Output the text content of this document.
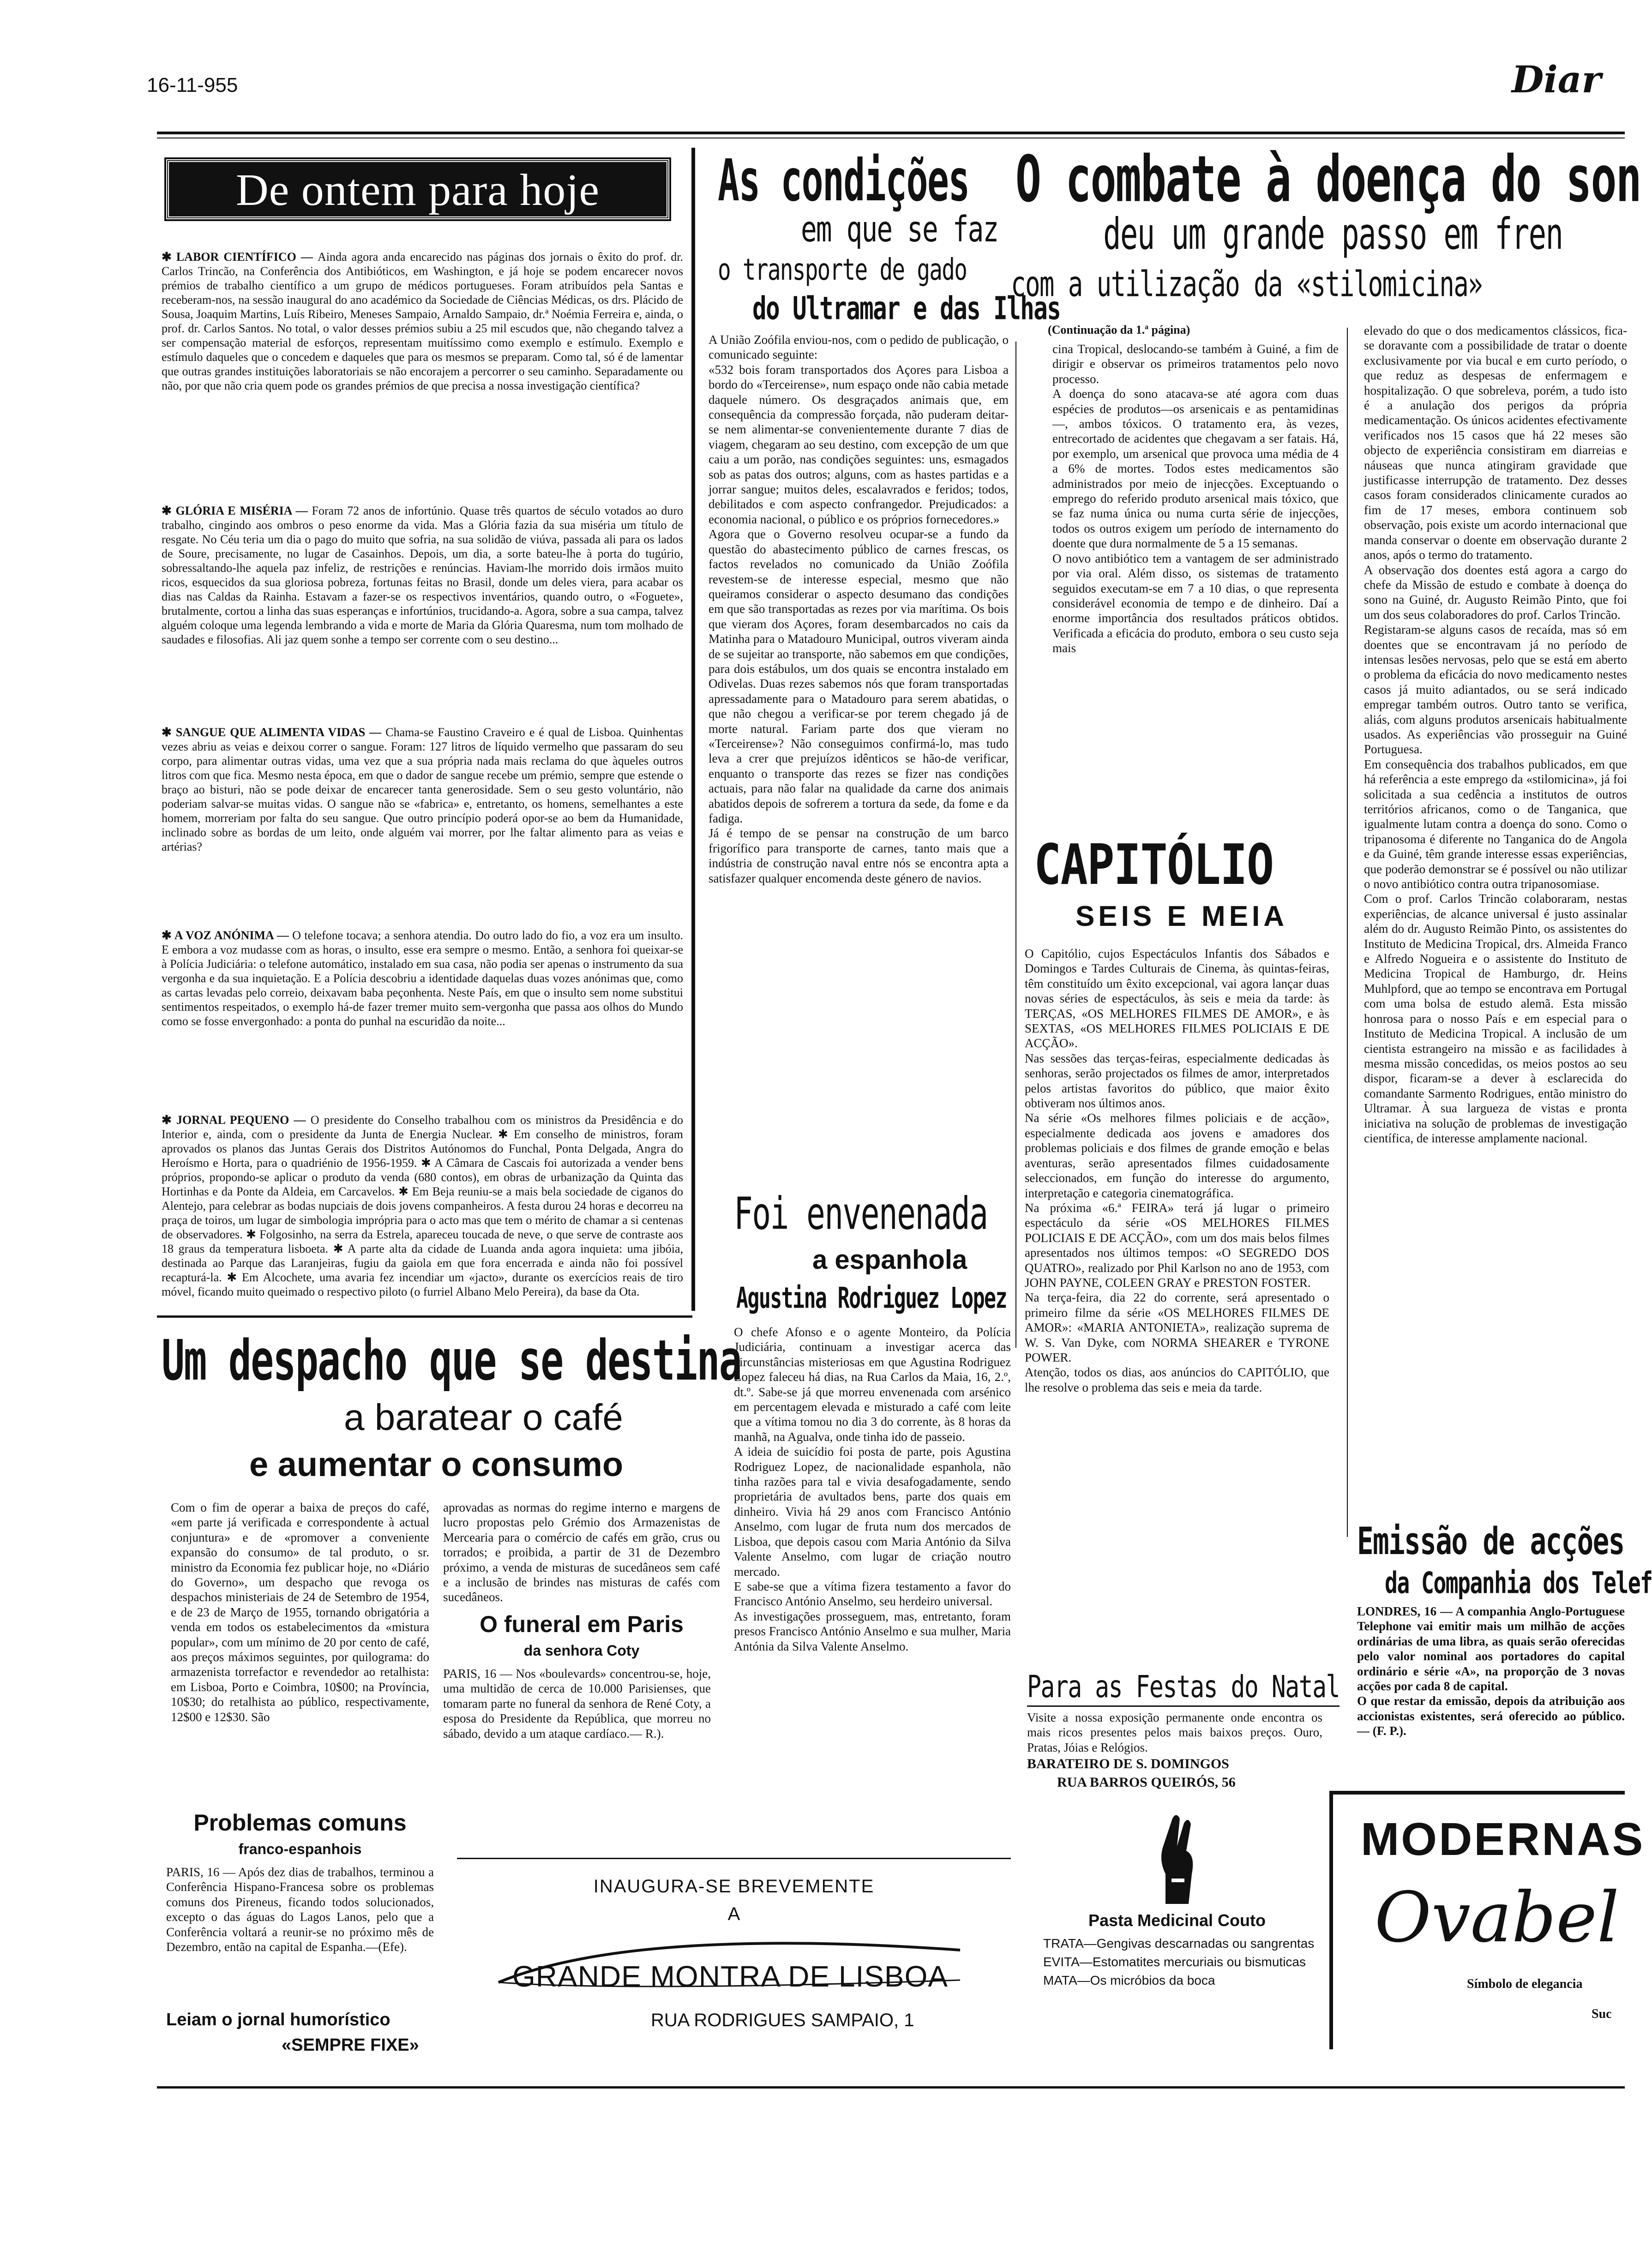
16-11-955	Diar
De ontem para hoje

✱ LABOR CIENTÍFICO — Ainda agora anda encarecido nas páginas dos jornais o êxito do prof. dr. Carlos Trincão, na Conferência dos Antibióticos, em Washington, e já hoje se podem encarecer novos prémios de trabalho científico a um grupo de médicos portugueses. Foram atribuídos pela Santas e receberam-nos, na sessão inaugural do ano académico da Sociedade de Ciências Médicas, os drs. Plácido de Sousa, Joaquim Martins, Luís Ribeiro, Meneses Sampaio, Arnaldo Sampaio, dr.ª Noémia Ferreira e, ainda, o prof. dr. Carlos Santos. No total, o valor desses prémios subiu a 25 mil escudos que, não chegando talvez a ser compensação material de esforços, representam muitíssimo como exemplo e estímulo. Exemplo e estímulo daqueles que o concedem e daqueles que para os mesmos se preparam. Como tal, só é de lamentar que outras grandes instituições laboratoriais se não encorajem a percorrer o seu caminho. Separadamente ou não, por que não cria quem pode os grandes prémios de que precisa a nossa investigação científica?

✱ GLÓRIA E MISÉRIA — Foram 72 anos de infortúnio. Quase três quartos de século votados ao duro trabalho, cingindo aos ombros o peso enorme da vida. Mas a Glória fazia da sua miséria um título de resgate. No Céu teria um dia o pago do muito que sofria, na sua solidão de viúva, passada ali para os lados de Soure, precisamente, no lugar de Casainhos. Depois, um dia, a sorte bateu-lhe à porta do tugúrio, sobressaltando-lhe aquela paz infeliz, de restrições e renúncias. Haviam-lhe morrido dois irmãos muito ricos, esquecidos da sua gloriosa pobreza, fortunas feitas no Brasil, donde um deles viera, para acabar os dias nas Caldas da Rainha. Estavam a fazer-se os respectivos inventários, quando outro, o «Foguete», brutalmente, cortou a linha das suas esperanças e infortúnios, trucidando-a. Agora, sobre a sua campa, talvez alguém coloque uma legenda lembrando a vida e morte de Maria da Glória Quaresma, num tom molhado de saudades e filosofias. Ali jaz quem sonhe a tempo ser corrente com o seu destino...

✱ SANGUE QUE ALIMENTA VIDAS — Chama-se Faustino Craveiro e é qual de Lisboa. Quinhentas vezes abriu as veias e deixou correr o sangue. Foram: 127 litros de líquido vermelho que passaram do seu corpo, para alimentar outras vidas, uma vez que a sua própria nada mais reclama do que àqueles outros litros com que fica. Mesmo nesta época, em que o dador de sangue recebe um prémio, sempre que estende o braço ao bisturi, não se pode deixar de encarecer tanta generosidade. Sem o seu gesto voluntário, não poderiam salvar-se muitas vidas. O sangue não se «fabrica» e, entretanto, os homens, semelhantes a este homem, morreriam por falta do seu sangue. Que outro princípio poderá opor-se ao bem da Humanidade, inclinado sobre as bordas de um leito, onde alguém vai morrer, por lhe faltar alimento para as veias e artérias?

✱ A VOZ ANÓNIMA — O telefone tocava; a senhora atendia. Do outro lado do fio, a voz era um insulto. E embora a voz mudasse com as horas, o insulto, esse era sempre o mesmo. Então, a senhora foi queixar-se à Polícia Judiciária: o telefone automático, instalado em sua casa, não podia ser apenas o instrumento da sua vergonha e da sua inquietação. E a Polícia descobriu a identidade daquelas duas vozes anónimas que, como as cartas levadas pelo correio, deixavam baba peçonhenta. Neste País, em que o insulto sem nome substitui sentimentos respeitados, o exemplo há-de fazer tremer muito sem-vergonha que passa aos olhos do Mundo como se fosse envergonhado: a ponta do punhal na escuridão da noite...

✱ JORNAL PEQUENO — O presidente do Conselho trabalhou com os ministros da Presidência e do Interior e, ainda, com o presidente da Junta de Energia Nuclear. ✱ Em conselho de ministros, foram aprovados os planos das Juntas Gerais dos Distritos Autónomos do Funchal, Ponta Delgada, Angra do Heroísmo e Horta, para o quadriénio de 1956-1959. ✱ A Câmara de Cascais foi autorizada a vender bens próprios, propondo-se aplicar o produto da venda (680 contos), em obras de urbanização da Quinta das Hortinhas e da Ponte da Aldeia, em Carcavelos. ✱ Em Beja reuniu-se a mais bela sociedade de ciganos do Alentejo, para celebrar as bodas nupciais de dois jovens companheiros. A festa durou 24 horas e decorreu na praça de toiros, um lugar de simbologia imprópria para o acto mas que tem o mérito de chamar a si centenas de observadores. ✱ Folgosinho, na serra da Estrela, apareceu toucada de neve, o que serve de contraste aos 18 graus da temperatura lisboeta. ✱ A parte alta da cidade de Luanda anda agora inquieta: uma jibóia, destinada ao Parque das Laranjeiras, fugiu da gaiola em que fora encerrada e ainda não foi possível recapturá-la. ✱ Em Alcochete, uma avaria fez incendiar um «jacto», durante os exercícios reais de tiro móvel, ficando muito queimado o respectivo piloto (o furriel Albano Melo Pereira), da base da Ota.

As condições
em que se faz
o transporte de gado
do Ultramar e das Ilhas
A União Zoófila enviou-nos, com o pedido de publicação, o comunicado seguinte:
«532 bois foram transportados dos Açores para Lisboa a bordo do «Terceirense», num espaço onde não cabia metade daquele número. Os desgraçados animais que, em consequência da compressão forçada, não puderam deitar-se nem alimentar-se convenientemente durante 7 dias de viagem, chegaram ao seu destino, com excepção de um que caiu a um porão, nas condições seguintes: uns, esmagados sob as patas dos outros; alguns, com as hastes partidas e a jorrar sangue; muitos deles, escalavrados e feridos; todos, debilitados e com aspecto confrangedor. Prejudicados: a economia nacional, o público e os próprios fornecedores.»
Agora que o Governo resolveu ocupar-se a fundo da questão do abastecimento público de carnes frescas, os factos revelados no comunicado da União Zoófila revestem-se de interesse especial, mesmo que não queiramos considerar o aspecto desumano das condições em que são transportadas as rezes por via marítima. Os bois que vieram dos Açores, foram desembarcados no cais da Matinha para o Matadouro Municipal, outros viveram ainda de se sujeitar ao transporte, não sabemos em que condições, para dois estábulos, um dos quais se encontra instalado em Odivelas. Duas rezes sabemos nós que foram transportadas apressadamente para o Matadouro para serem abatidas, o que não chegou a verificar-se por terem chegado já de morte natural. Fariam parte dos que vieram no «Terceirense»? Não conseguimos confirmá-lo, mas tudo leva a crer que prejuízos idênticos se hão-de verificar, enquanto o transporte das rezes se fizer nas condições actuais, para não falar na qualidade da carne dos animais abatidos depois de sofrerem a tortura da sede, da fome e da fadiga.
Já é tempo de se pensar na construção de um barco frigorífico para transporte de carnes, tanto mais que a indústria de construção naval entre nós se encontra apta a satisfazer qualquer encomenda deste género de navios.
Foi envenenada
a espanhola
Agustina Rodriguez Lopez
O chefe Afonso e o agente Monteiro, da Polícia Judiciária, continuam a investigar acerca das circunstâncias misteriosas em que Agustina Rodriguez Lopez faleceu há dias, na Rua Carlos da Maia, 16, 2.º, dt.º. Sabe-se já que morreu envenenada com arsénico em percentagem elevada e misturado a café com leite que a vítima tomou no dia 3 do corrente, às 8 horas da manhã, na Agualva, onde tinha ido de passeio.
A ideia de suicídio foi posta de parte, pois Agustina Rodriguez Lopez, de nacionalidade espanhola, não tinha razões para tal e vivia desafogadamente, sendo proprietária de avultados bens, parte dos quais em dinheiro. Vivia há 29 anos com Francisco António Anselmo, com lugar de fruta num dos mercados de Lisboa, que depois casou com Maria António da Silva Valente Anselmo, com lugar de criação noutro mercado.
E sabe-se que a vítima fizera testamento a favor do Francisco António Anselmo, seu herdeiro universal.
As investigações prosseguem, mas, entretanto, foram presos Francisco António Anselmo e sua mulher, Maria Antónia da Silva Valente Anselmo.
O combate à doença do son
deu um grande passo em fren
com a utilização da «stilomicina»
(Continuação da 1.ª página)
cina Tropical, deslocando-se também à Guiné, a fim de dirigir e observar os primeiros tratamentos pelo novo processo.
A doença do sono atacava-se até agora com duas espécies de produtos—os arsenicais e as pentamidinas—, ambos tóxicos. O tratamento era, às vezes, entrecortado de acidentes que chegavam a ser fatais. Há, por exemplo, um arsenical que provoca uma média de 4 a 6% de mortes. Todos estes medicamentos são administrados por meio de injecções. Exceptuando o emprego do referido produto arsenical mais tóxico, que se faz numa única ou numa curta série de injecções, todos os outros exigem um período de internamento do doente que dura normalmente de 5 a 15 semanas.
O novo antibiótico tem a vantagem de ser administrado por via oral. Além disso, os sistemas de tratamento seguidos executam-se em 7 a 10 dias, o que representa considerável economia de tempo e de dinheiro. Daí a enorme importância dos resultados práticos obtidos. Verificada a eficácia do produto, embora o seu custo seja mais
elevado do que o dos medicamentos clássicos, fica-se doravante com a possibilidade de tratar o doente exclusivamente por via bucal e em curto período, o que reduz as despesas de enfermagem e hospitalização. O que sobreleva, porém, a tudo isto é a anulação dos perigos da própria medicamentação. Os únicos acidentes efectivamente verificados nos 15 casos que há 22 meses são objecto de experiência consistiram em diarreias e náuseas que nunca atingiram gravidade que justificasse interrupção de tratamento. Dez desses casos foram considerados clinicamente curados ao fim de 17 meses, embora continuem sob observação, pois existe um acordo internacional que manda conservar o doente em observação durante 2 anos, após o termo do tratamento.
A observação dos doentes está agora a cargo do chefe da Missão de estudo e combate à doença do sono na Guiné, dr. Augusto Reimão Pinto, que foi um dos seus colaboradores do prof. Carlos Trincão.
Registaram-se alguns casos de recaída, mas só em doentes que se encontravam já no período de intensas lesões nervosas, pelo que se está em aberto o problema da eficácia do novo medicamento nestes casos já muito adiantados, ou se será indicado empregar também outros. Outro tanto se verifica, aliás, com alguns produtos arsenicais habitualmente usados. As experiências vão prosseguir na Guiné Portuguesa.
Em consequência dos trabalhos publicados, em que há referência a este emprego da «stilomicina», já foi solicitada a sua cedência a institutos de outros territórios africanos, como o de Tanganica, que igualmente lutam contra a doença do sono. Como o tripanosoma é diferente no Tanganica do de Angola e da Guiné, têm grande interesse essas experiências, que poderão demonstrar se é possível ou não utilizar o novo antibiótico contra outra tripanosomiase.
Com o prof. Carlos Trincão colaboraram, nestas experiências, de alcance universal é justo assinalar além do dr. Augusto Reimão Pinto, os assistentes do Instituto de Medicina Tropical, drs. Almeida Franco e Alfredo Nogueira e o assistente do Instituto de Medicina Tropical de Hamburgo, dr. Heins Muhlpford, que ao tempo se encontrava em Portugal com uma bolsa de estudo alemã. Esta missão honrosa para o nosso País e em especial para o Instituto de Medicina Tropical. A inclusão de um cientista estrangeiro na missão e as facilidades à mesma missão concedidas, os meios postos ao seu dispor, ficaram-se a dever à esclarecida do comandante Sarmento Rodrigues, então ministro do Ultramar. À sua largueza de vistas e pronta iniciativa na solução de problemas de investigação científica, de interesse amplamente nacional.
CAPITÓLIO
SEIS E MEIA
O Capitólio, cujos Espectáculos Infantis dos Sábados e Domingos e Tardes Culturais de Cinema, às quintas-feiras, têm constituído um êxito excepcional, vai agora lançar duas novas séries de espectáculos, às seis e meia da tarde: às TERÇAS, «OS MELHORES FILMES DE AMOR», e às SEXTAS, «OS MELHORES FILMES POLICIAIS E DE ACÇÃO».
Nas sessões das terças-feiras, especialmente dedicadas às senhoras, serão projectados os filmes de amor, interpretados pelos artistas favoritos do público, que maior êxito obtiveram nos últimos anos.
Na série «Os melhores filmes policiais e de acção», especialmente dedicada aos jovens e amadores dos problemas policiais e dos filmes de grande emoção e belas aventuras, serão apresentados filmes cuidadosamente seleccionados, em função do interesse do argumento, interpretação e categoria cinematográfica.
Na próxima «6.ª FEIRA» terá já lugar o primeiro espectáculo da série «OS MELHORES FILMES POLICIAIS E DE ACÇÃO», com um dos mais belos filmes apresentados nos últimos tempos: «O SEGREDO DOS QUATRO», realizado por Phil Karlson no ano de 1953, com JOHN PAYNE, COLEEN GRAY e PRESTON FOSTER.
Na terça-feira, dia 22 do corrente, será apresentado o primeiro filme da série «OS MELHORES FILMES DE AMOR»: «MARIA ANTONIETA», realização suprema de W. S. Van Dyke, com NORMA SHEARER e TYRONE POWER.
Atenção, todos os dias, aos anúncios do CAPITÓLIO, que lhe resolve o problema das seis e meia da tarde.
Para as Festas do Natal
Visite a nossa exposição permanente onde encontra os mais ricos presentes pelos mais baixos preços. Ouro, Pratas, Jóias e Relógios.
BARATEIRO DE S. DOMINGOS
RUA BARROS QUEIRÓS, 56
Pasta Medicinal Couto
TRATA—Gengivas descarnadas ou sangrentas
EVITA—Estomatites mercuriais ou bismuticas
MATA—Os micróbios da boca
Emissão de acções
da Companhia dos Telef
LONDRES, 16 — A companhia Anglo-Portuguese Telephone vai emitir mais um milhão de acções ordinárias de uma libra, as quais serão oferecidas pelo valor nominal aos portadores do capital ordinário e série «A», na proporção de 3 novas acções por cada 8 de capital.
O que restar da emissão, depois da atribuição aos accionistas existentes, será oferecido ao público. — (F. P.).
MODERNAS
Ovabel
Símbolo de elegancia
Suc
Um despacho que se destina
a baratear o café
e aumentar o consumo
Com o fim de operar a baixa de preços do café, «em parte já verificada e correspondente à actual conjuntura» e de «promover a conveniente expansão do consumo» de tal produto, o sr. ministro da Economia fez publicar hoje, no «Diário do Governo», um despacho que revoga os despachos ministeriais de 24 de Setembro de 1954, e de 23 de Março de 1955, tornando obrigatória a venda em todos os estabelecimentos da «mistura popular», com um mínimo de 20 por cento de café, aos preços máximos seguintes, por quilograma: do armazenista torrefactor e revendedor ao retalhista: em Lisboa, Porto e Coimbra, 10$00; na Província, 10$30; do retalhista ao público, respectivamente, 12$00 e 12$30. São
aprovadas as normas do regime interno e margens de lucro propostas pelo Grémio dos Armazenistas de Mercearia para o comércio de cafés em grão, crus ou torrados; e proibida, a partir de 31 de Dezembro próximo, a venda de misturas de sucedâneos sem café e a inclusão de brindes nas misturas de cafés com sucedâneos.
O funeral em Paris
da senhora Coty
PARIS, 16 — Nos «boulevards» concentrou-se, hoje, uma multidão de cerca de 10.000 Parisienses, que tomaram parte no funeral da senhora de René Coty, a esposa do Presidente da República, que morreu no sábado, devido a um ataque cardíaco.— R.).
Problemas comuns
franco-espanhois
PARIS, 16 — Após dez dias de trabalhos, terminou a Conferência Hispano-Francesa sobre os problemas comuns dos Pireneus, ficando todos solucionados, excepto o das águas do Lagos Lanos, pelo que a Conferência voltará a reunir-se no próximo mês de Dezembro, então na capital de Espanha.—(Efe).
Leiam o jornal humorístico
«SEMPRE FIXE»
INAUGURA-SE BREVEMENTE
A
GRANDE MONTRA DE LISBOA
RUA RODRIGUES SAMPAIO, 1
